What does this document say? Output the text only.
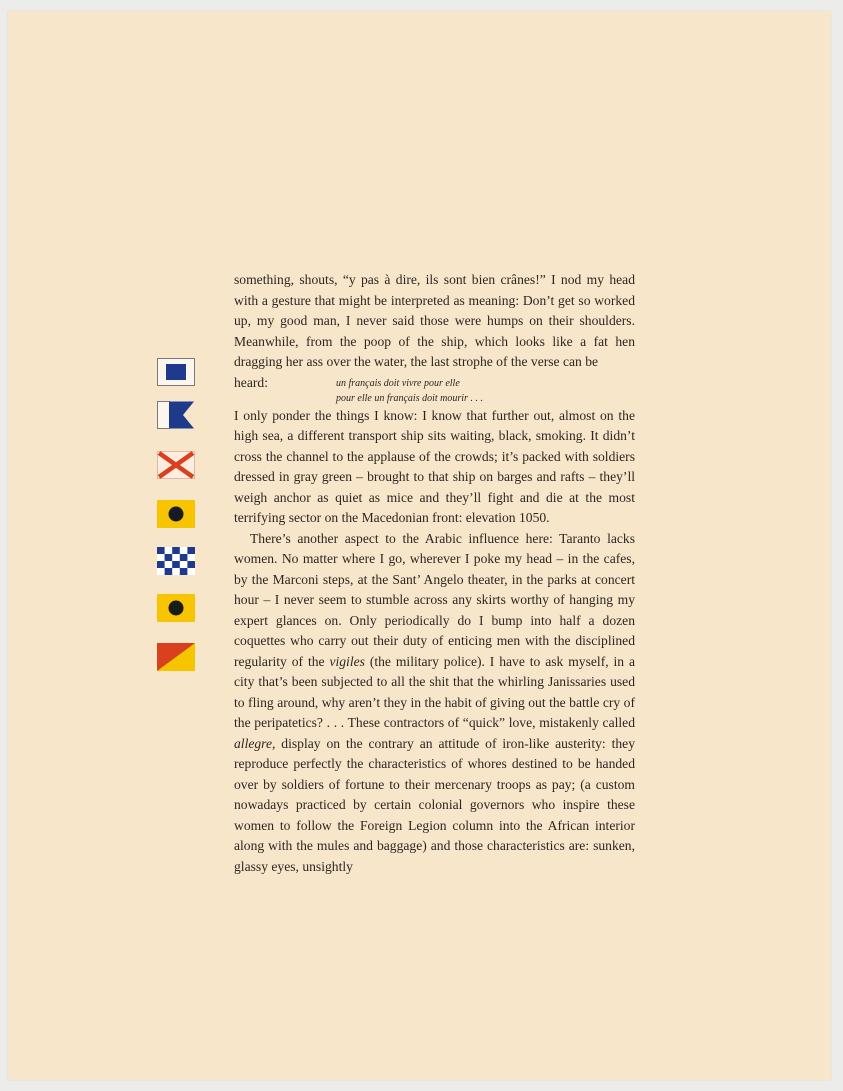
something, shouts, “y pas à dire, ils sont bien crânes!” I nod my head with a gesture that might be interpreted as meaning: Don’t get so worked up, my good man, I never said those were humps on their shoulders. Meanwhile, from the poop of the ship, which looks like a fat hen dragging her ass over the water, the last strophe of the verse can be

heard:	un français doit vivre pour elle
pour elle un français doit mourir . . .

I only ponder the things I know: I know that further out, almost on the high sea, a different transport ship sits waiting, black, smoking. It didn’t cross the channel to the applause of the crowds; it’s packed with soldiers dressed in gray green – brought to that ship on barges and rafts – they’ll weigh anchor as quiet as mice and they’ll fight and die at the most terrifying sector on the Macedonian front: elevation 1050.

There’s another aspect to the Arabic influence here: Taranto lacks women. No matter where I go, wherever I poke my head – in the cafes, by the Marconi steps, at the Sant’ Angelo theater, in the parks at concert hour – I never seem to stumble across any skirts worthy of hanging my expert glances on. Only periodically do I bump into half a dozen coquettes who carry out their duty of enticing men with the disciplined regularity of the vigiles (the military police). I have to ask myself, in a city that’s been subjected to all the shit that the whirling Janissaries used to fling around, why aren’t they in the habit of giving out the battle cry of the peripatetics? . . . These contractors of “quick” love, mistakenly called allegre, display on the contrary an attitude of iron-like austerity: they reproduce perfectly the characteristics of whores destined to be handed over by soldiers of fortune to their mercenary troops as pay; (a custom nowadays practiced by certain colonial governors who inspire these women to follow the Foreign Legion column into the African interior along with the mules and baggage) and those characteristics are: sunken, glassy eyes, unsightly
